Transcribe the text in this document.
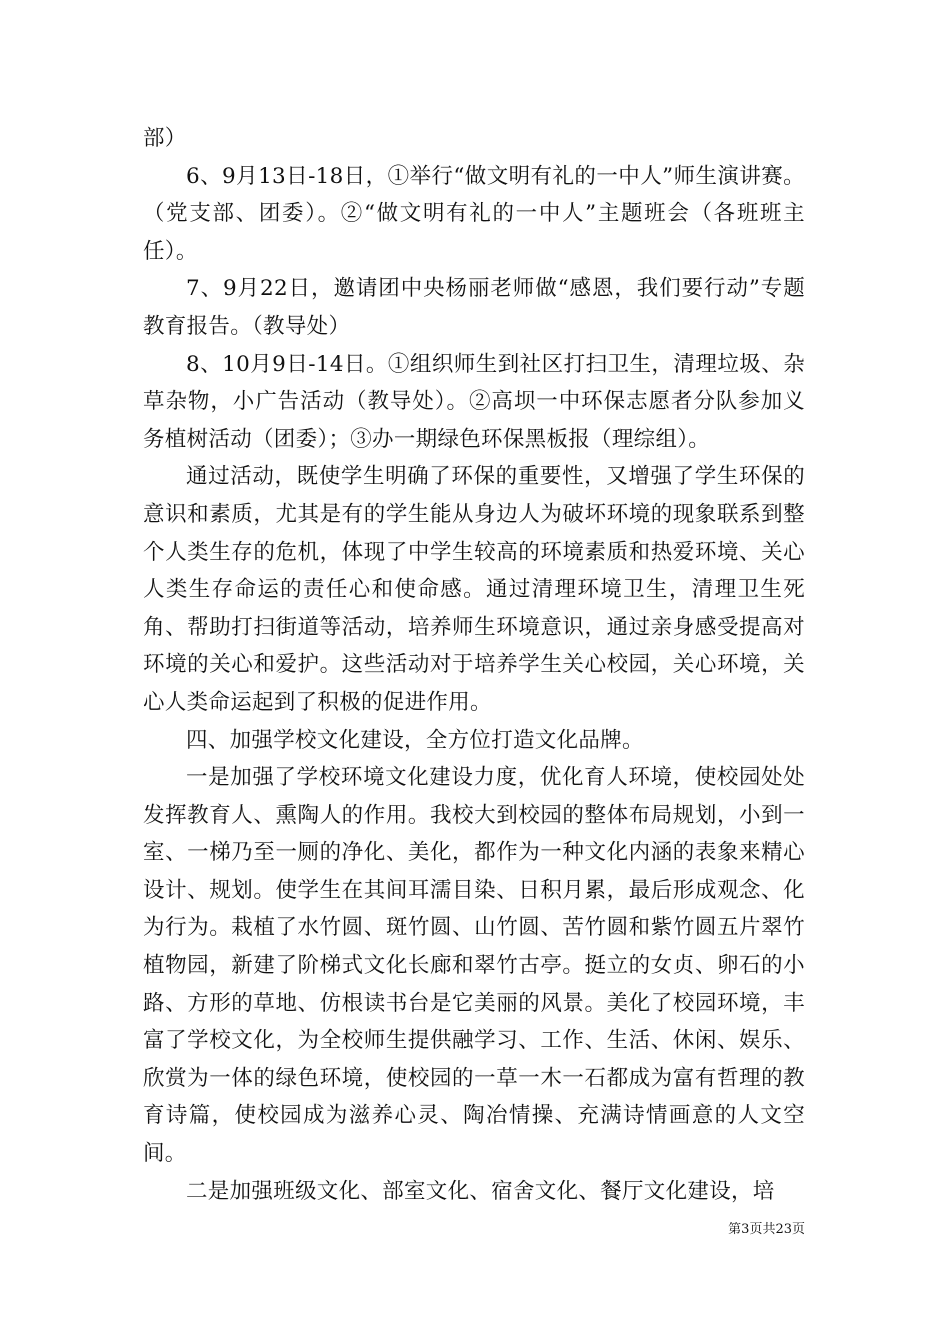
部）

6、9月13日-18日，①举行“做文明有礼的一中人”师生演讲赛。（党支部、团委）。②“做文明有礼的一中人”主题班会（各班班主任）。

7、9月22日，邀请团中央杨丽老师做“感恩，我们要行动”专题教育报告。（教导处）

8、10月9日-14日。①组织师生到社区打扫卫生，清理垃圾、杂草杂物，小广告活动（教导处）。②高坝一中环保志愿者分队参加义务植树活动（团委）；③办一期绿色环保黑板报（理综组）。

通过活动，既使学生明确了环保的重要性，又增强了学生环保的意识和素质，尤其是有的学生能从身边人为破坏环境的现象联系到整个人类生存的危机，体现了中学生较高的环境素质和热爱环境、关心人类生存命运的责任心和使命感。通过清理环境卫生，清理卫生死角、帮助打扫街道等活动，培养师生环境意识，通过亲身感受提高对环境的关心和爱护。这些活动对于培养学生关心校园，关心环境，关心人类命运起到了积极的促进作用。

四、加强学校文化建设，全方位打造文化品牌。

一是加强了学校环境文化建设力度，优化育人环境，使校园处处发挥教育人、熏陶人的作用。我校大到校园的整体布局规划，小到一室、一梯乃至一厕的净化、美化，都作为一种文化内涵的表象来精心设计、规划。使学生在其间耳濡目染、日积月累，最后形成观念、化为行为。栽植了水竹圆、斑竹圆、山竹圆、苦竹圆和紫竹圆五片翠竹植物园，新建了阶梯式文化长廊和翠竹古亭。挺立的女贞、卵石的小路、方形的草地、仿根读书台是它美丽的风景。美化了校园环境，丰富了学校文化，为全校师生提供融学习、工作、生活、休闲、娱乐、欣赏为一体的绿色环境，使校园的一草一木一石都成为富有哲理的教育诗篇，使校园成为滋养心灵、陶冶情操、充满诗情画意的人文空间。

二是加强班级文化、部室文化、宿舍文化、餐厅文化建设，培

第3页共23页
